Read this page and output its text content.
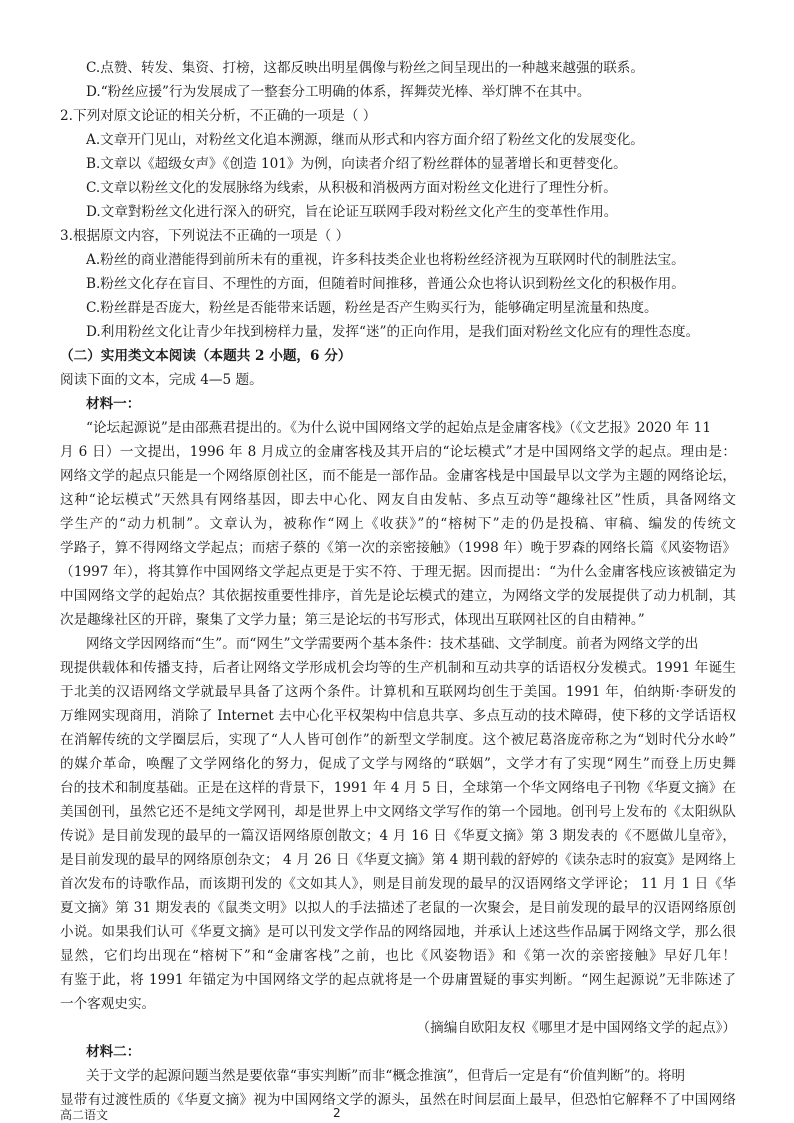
C.点赞、转发、集资、打榜，这都反映出明星偶像与粉丝之间呈现出的一种越来越强的联系。
D.“粉丝应援”行为发展成了一整套分工明确的体系，挥舞荧光棒、举灯牌不在其中。
2.下列对原文论证的相关分析，不正确的一项是（ ）
A.文章开门见山，对粉丝文化追本溯源，继而从形式和内容方面介绍了粉丝文化的发展变化。
B.文章以《超级女声》《创造 101》为例，向读者介绍了粉丝群体的显著增长和更替变化。
C.文章以粉丝文化的发展脉络为线索，从积极和消极两方面对粉丝文化进行了理性分析。
D.文章對粉丝文化进行深入的研究，旨在论证互联网手段对粉丝文化产生的变革性作用。
3.根据原文内容，下列说法不正确的一项是（ ）
A.粉丝的商业潜能得到前所未有的重视，许多科技类企业也将粉丝经济视为互联网时代的制胜法宝。
B.粉丝文化存在盲目、不理性的方面，但随着时间推移，普通公众也将认识到粉丝文化的积极作用。
C.粉丝群是否庞大，粉丝是否能带来话题，粉丝是否产生购买行为，能够确定明星流量和热度。
D.利用粉丝文化让青少年找到榜样力量，发挥“迷”的正向作用，是我们面对粉丝文化应有的理性态度。
（二）实用类文本阅读（本题共 2 小题，6 分）
阅读下面的文本，完成 4—5 题。
材料一：
“论坛起源说”是由邵燕君提出的。《为什么说中国网络文学的起始点是金庸客栈》（《文艺报》2020 年 11
月 6 日）一文提出，1996 年 8 月成立的金庸客栈及其开启的“论坛模式”才是中国网络文学的起点。理由是：
网络文学的起点只能是一个网络原创社区，而不能是一部作品。金庸客栈是中国最早以文学为主题的网络论坛，
这种“论坛模式”天然具有网络基因，即去中心化、网友自由发帖、多点互动等“趣缘社区”性质，具备网络文
学生产的“动力机制”。文章认为，被称作“网上《收获》”的“榕树下”走的仍是投稿、审稿、编发的传统文
学路子，算不得网络文学起点；而痞子蔡的《第一次的亲密接触》（1998 年）晚于罗森的网络长篇《风姿物语》
（1997 年），将其算作中国网络文学起点更是于实不符、于理无据。因而提出：“为什么金庸客栈应该被锚定为
中国网络文学的起始点？其依据按重要性排序，首先是论坛模式的建立，为网络文学的发展提供了动力机制，其
次是趣缘社区的开辟，聚集了文学力量；第三是论坛的书写形式，体现出互联网社区的自由精神。”
网络文学因网络而“生”。而“网生”文学需要两个基本条件：技术基础、文学制度。前者为网络文学的出
现提供载体和传播支持，后者让网络文学形成机会均等的生产机制和互动共享的话语权分发模式。1991 年诞生
于北美的汉语网络文学就最早具备了这两个条件。计算机和互联网均创生于美国。1991 年，伯纳斯·李研发的
万维网实现商用，消除了 Internet 去中心化平权架构中信息共享、多点互动的技术障碍，使下移的文学话语权
在消解传统的文学圈层后，实现了“人人皆可创作”的新型文学制度。这个被尼葛洛庞帝称之为“划时代分水岭”
的媒介革命，唤醒了文学网络化的努力，促成了文学与网络的“联姻”，文学才有了实现“网生”而登上历史舞
台的技术和制度基础。正是在这样的背景下，1991 年 4 月 5 日，全球第一个华文网络电子刊物《华夏文摘》在
美国创刊，虽然它还不是纯文学网刊，却是世界上中文网络文学写作的第一个园地。创刊号上发布的《太阳纵队
传说》是目前发现的最早的一篇汉语网络原创散文；4 月 16 日《华夏文摘》第 3 期发表的《不愿做儿皇帝》，
是目前发现的最早的网络原创杂文； 4 月 26 日《华夏文摘》第 4 期刊载的舒婷的《读杂志时的寂寞》是网络上
首次发布的诗歌作品，而该期刊发的《文如其人》，则是目前发现的最早的汉语网络文学评论； 11 月 1 日《华
夏文摘》第 31 期发表的《鼠类文明》以拟人的手法描述了老鼠的一次聚会，是目前发现的最早的汉语网络原创
小说。如果我们认可《华夏文摘》是可以刊发文学作品的网络园地，并承认上述这些作品属于网络文学，那么很
显然，它们均出现在“榕树下”和“金庸客栈”之前，也比《风姿物语》和《第一次的亲密接触》早好几年！
有鉴于此，将 1991 年锚定为中国网络文学的起点就将是一个毋庸置疑的事实判断。“网生起源说”无非陈述了
一个客观史实。
（摘编自欧阳友权《哪里才是中国网络文学的起点》）
材料二：
关于文学的起源问题当然是要依靠“事实判断”而非“概念推演”，但背后一定是有“价值判断”的。将明
显带有过渡性质的《华夏文摘》视为中国网络文学的源头，虽然在时间层面上最早，但恐怕它解释不了中国网络
高二语文	2
